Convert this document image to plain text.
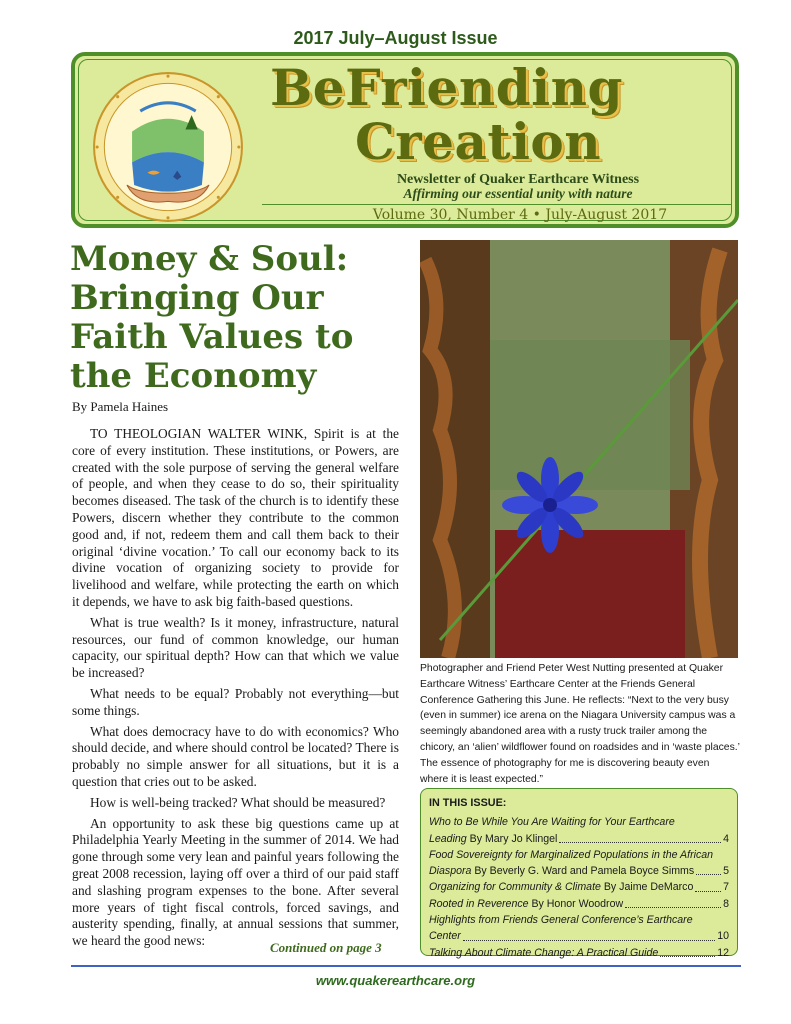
2017 July–August Issue
BeFriending
Creation
Newsletter of Quaker Earthcare Witness
Affirming our essential unity with nature
Volume 30, Number 4 • July-August 2017
Money & Soul: Bringing Our Faith Values to the Economy
By Pamela Haines

TO THEOLOGIAN WALTER WINK, Spirit is at the core of every institution. These institutions, or Powers, are created with the sole purpose of serving the general welfare of people, and when they cease to do so, their spirituality becomes diseased. The task of the church is to identify these Powers, discern whether they contribute to the common good and, if not, redeem them and call them back to their original ‘divine vocation.’ To call our economy back to its divine vocation of organizing society to provide for livelihood and welfare, while protecting the earth on which it depends, we have to ask big faith-based questions.

What is true wealth? Is it money, infrastructure, natural resources, our fund of common knowledge, our human capacity, our spiritual depth? How can that which we value be increased?

What needs to be equal? Probably not everything—but some things.

What does democracy have to do with economics? Who should decide, and where should control be located? There is probably no simple answer for all situations, but it is a question that cries out to be asked.

How is well-being tracked? What should be measured?

An opportunity to ask these big questions came up at Philadelphia Yearly Meeting in the summer of 2014. We had gone through some very lean and painful years following the great 2008 recession, laying off over a third of our paid staff and slashing program expenses to the bone. After several more years of tight fiscal controls, forced savings, and austerity spending, finally, at annual sessions that summer, we heard the good news:	Continued on page 3
Photographer and Friend Peter West Nutting presented at Quaker Earthcare Witness’ Earthcare Center at the Friends General Conference Gathering this June. He reflects: “Next to the very busy (even in summer) ice arena on the Niagara University campus was a seemingly abandoned area with a rusty truck trailer among the chicory, an ‘alien’ wildflower found on roadsides and in ‘waste places.’ The essence of photography for me is discovering beauty even where it is least expected.”
IN THIS ISSUE:
Who to Be While You Are Waiting for Your Earthcare
Leading By Mary Jo Klingel	4
Food Sovereignty for Marginalized Populations in the African
Diaspora By Beverly G. Ward and Pamela Boyce Simms	5
Organizing for Community & Climate By Jaime DeMarco	7
Rooted in Reverence By Honor Woodrow	8
Highlights from Friends General Conference’s Earthcare
Center	10
Talking About Climate Change: A Practical Guide	12
www.quakerearthcare.org
